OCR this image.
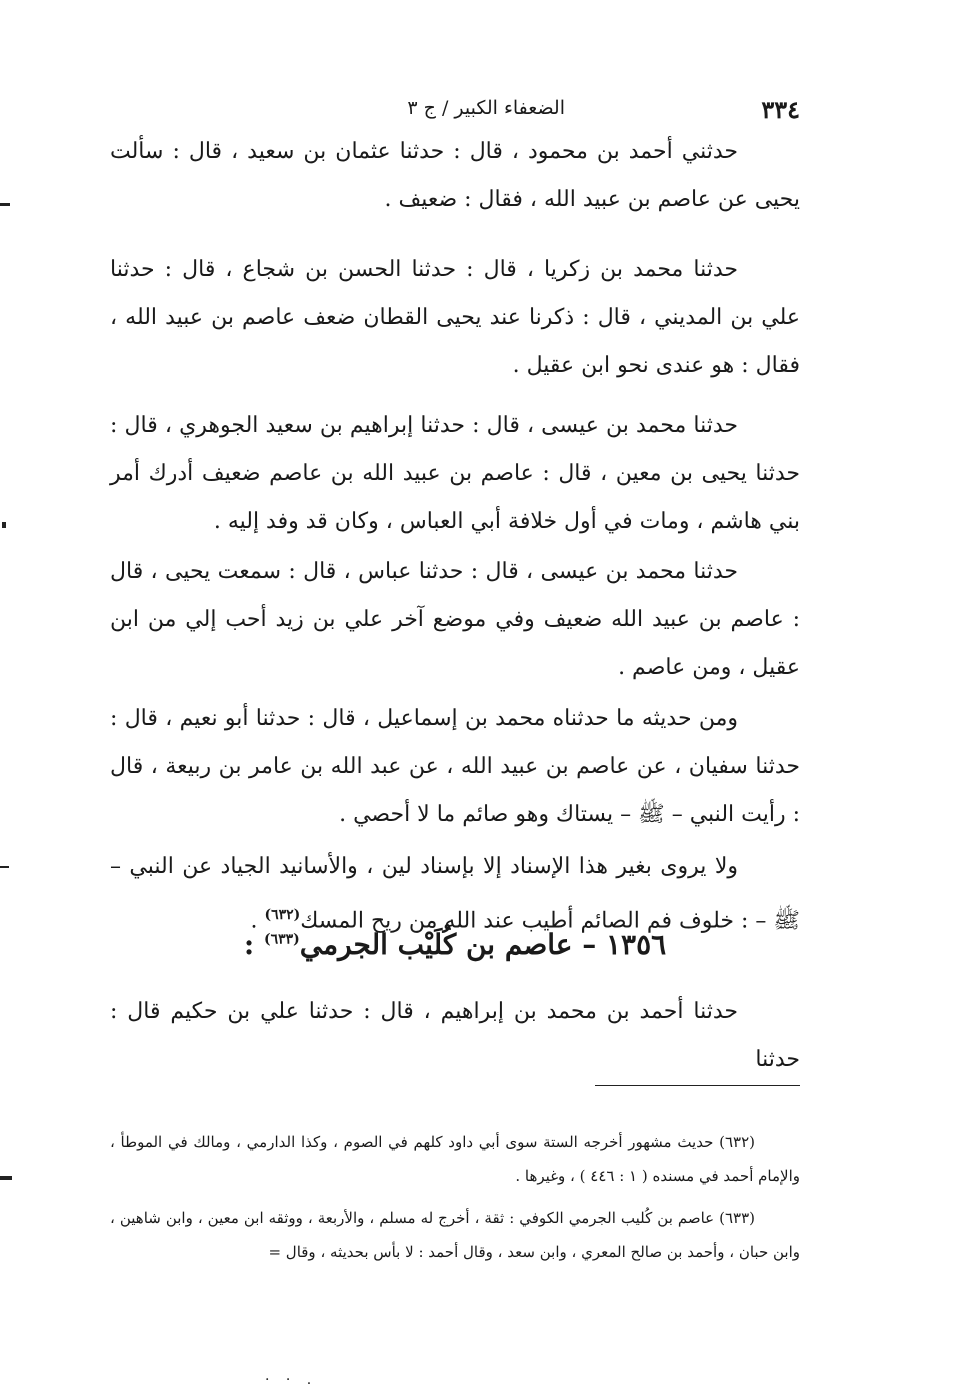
٣٣٤
الضعفاء الكبير / ج ٣

حدثني أحمد بن محمود ، قال : حدثنا عثمان بن سعيد ، قال : سألت يحيى عن عاصم بن عبيد الله ، فقال : ضعيف .

حدثنا محمد بن زكريا ، قال : حدثنا الحسن بن شجاع ، قال : حدثنا علي بن المديني ، قال : ذكرنا عند يحيى القطان ضعف عاصم بن عبيد الله ، فقال : هو عندى نحو ابن عقيل .

حدثنا محمد بن عيسى ، قال : حدثنا إبراهيم بن سعيد الجوهري ، قال : حدثنا يحيى بن معين ، قال : عاصم بن عبيد الله بن عاصم ضعيف أدرك أمر بني هاشم ، ومات في أول خلافة أبي العباس ، وكان قد وفد إليه .

حدثنا محمد بن عيسى ، قال : حدثنا عباس ، قال : سمعت يحيى ، قال : عاصم بن عبيد الله ضعيف وفي موضع آخر علي بن زيد أحب إلي من ابن عقيل ، ومن عاصم .

ومن حديثه ما حدثناه محمد بن إسماعيل ، قال : حدثنا أبو نعيم ، قال : حدثنا سفيان ، عن عاصم بن عبيد الله ، عن عبد الله بن عامر بن ربيعة ، قال : رأيت النبي – ﷺ – يستاك وهو صائم ما لا أحصي .

ولا يروى بغير هذا الإسناد إلا بإسناد لين ، والأسانيد الجياد عن النبي – ﷺ – : خلوف فم الصائم أطيب عند الله من ريح المسك$^{(٦٣٢)}$ .

١٣٥٦ – عاصم بن كُلَيْب الجرمي$^{(٦٣٣)}$ :

حدثنا أحمد بن محمد بن إبراهيم ، قال : حدثنا علي بن حكيم قال : حدثنا

(٦٣٢) حديث مشهور أخرجه الستة سوى أبي داود كلهم في الصوم ، وكذا الدارمي ، ومالك في الموطأ ، والإمام أحمد في مسنده ( ١ : ٤٤٦ ) ، وغيرها .

(٦٣٣) عاصم بن كُليب الجرمي الكوفي : ثقة ، أخرج له مسلم ، والأربعة ، ووثقه ابن معين ، وابن شاهين ، وابن حبان ، وأحمد بن صالح المعري ، وابن سعد ، وقال أحمد : لا بأس بحديثه ، وقال =

· · .
